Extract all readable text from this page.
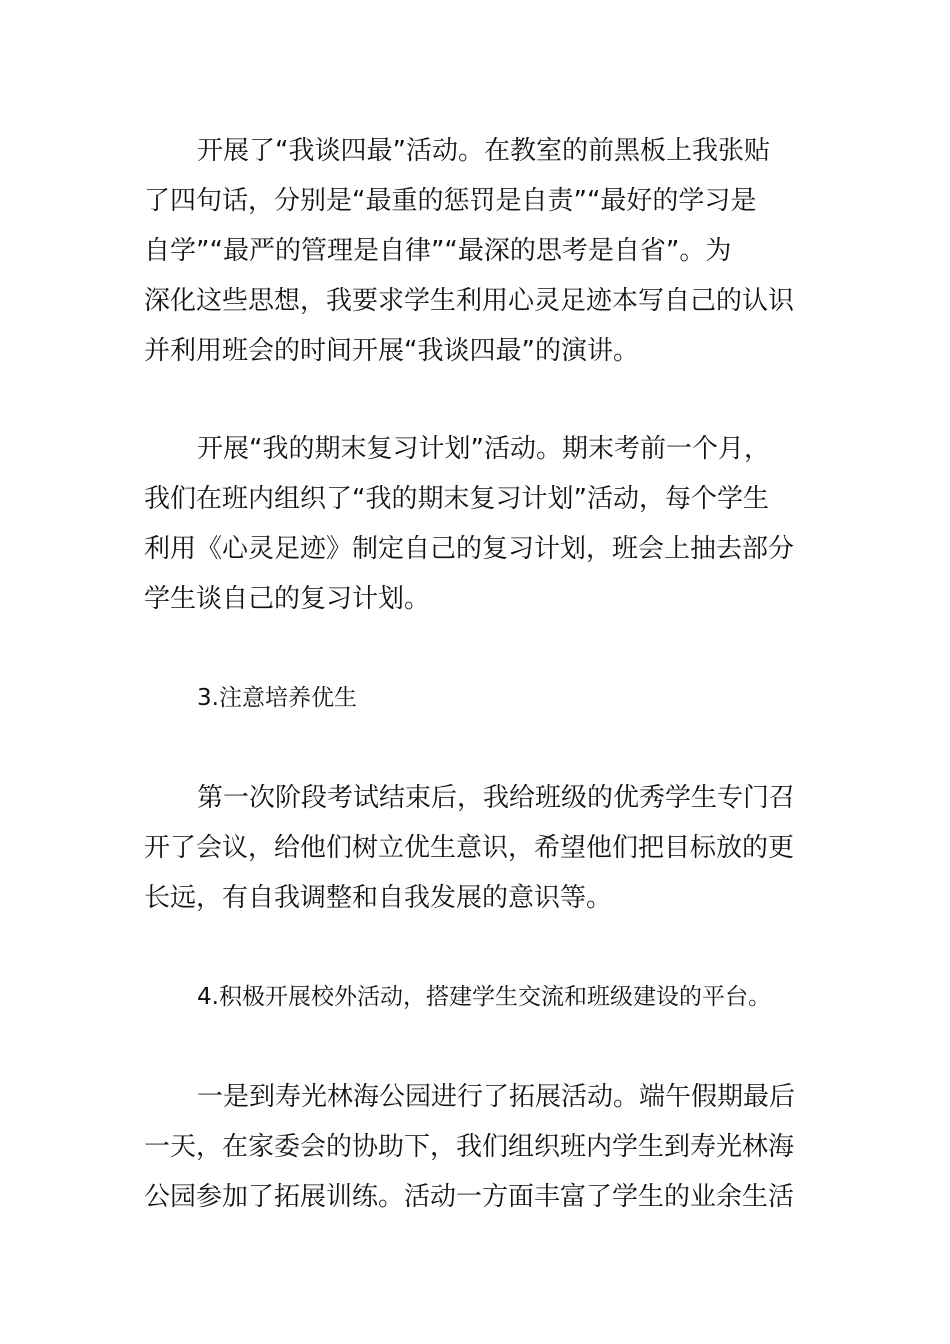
开展了“我谈四最”活动。在教室的前黑板上我张贴
了四句话，分别是“最重的惩罚是自责”“最好的学习是
自学”“最严的管理是自律”“最深的思考是自省”。为
深化这些思想，我要求学生利用心灵足迹本写自己的认识
并利用班会的时间开展“我谈四最”的演讲。
开展“我的期末复习计划”活动。期末考前一个月，
我们在班内组织了“我的期末复习计划”活动，每个学生
利用《心灵足迹》制定自己的复习计划，班会上抽去部分
学生谈自己的复习计划。
3.注意培养优生
第一次阶段考试结束后，我给班级的优秀学生专门召
开了会议，给他们树立优生意识，希望他们把目标放的更
长远，有自我调整和自我发展的意识等。
4.积极开展校外活动，搭建学生交流和班级建设的平台。
一是到寿光林海公园进行了拓展活动。端午假期最后
一天，在家委会的协助下，我们组织班内学生到寿光林海
公园参加了拓展训练。活动一方面丰富了学生的业余生活
